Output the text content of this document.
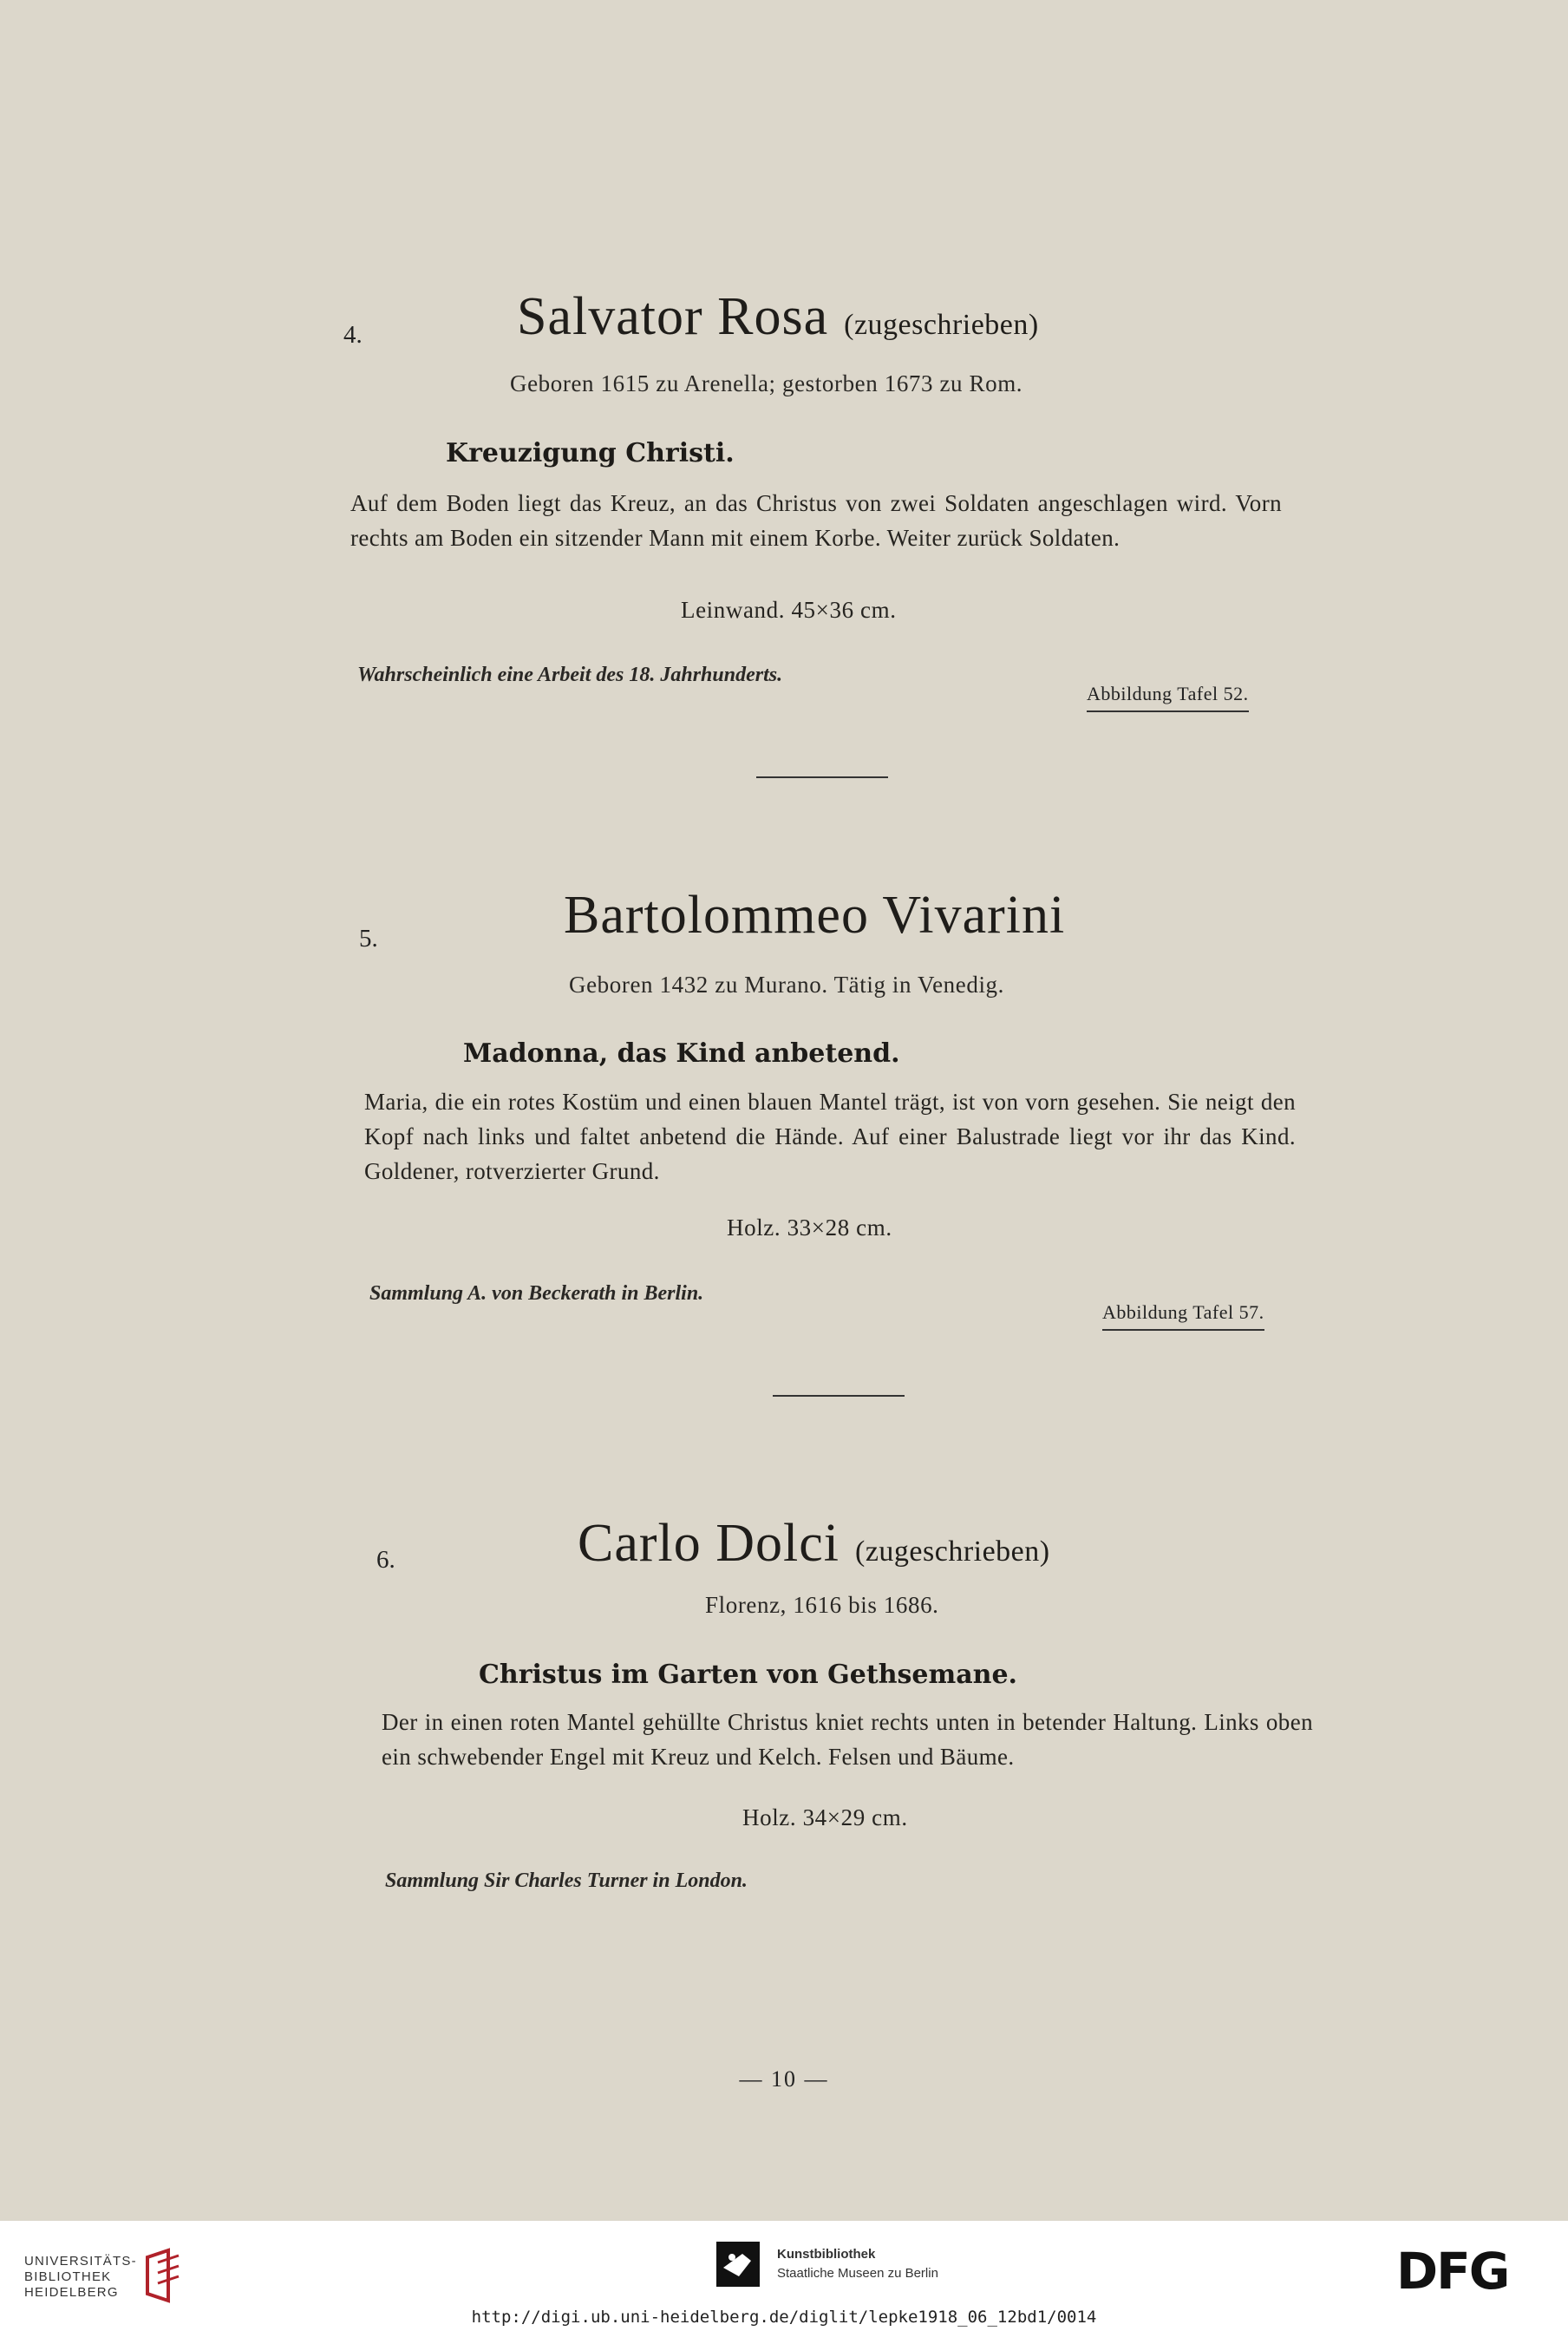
4.	Salvator Rosa (zugeschrieben)
Geboren 1615 zu Arenella; gestorben 1673 zu Rom.
Kreuzigung Christi.
Auf dem Boden liegt das Kreuz, an das Christus von zwei Soldaten angeschlagen wird. Vorn rechts am Boden ein sitzender Mann mit einem Korbe. Weiter zurück Soldaten.
Leinwand. 45×36 cm.
Wahrscheinlich eine Arbeit des 18. Jahrhunderts.
Abbildung Tafel 52.
5.	Bartolommeo Vivarini
Geboren 1432 zu Murano. Tätig in Venedig.
Madonna, das Kind anbetend.
Maria, die ein rotes Kostüm und einen blauen Mantel trägt, ist von vorn gesehen. Sie neigt den Kopf nach links und faltet anbetend die Hände. Auf einer Balustrade liegt vor ihr das Kind. Goldener, rotverzierter Grund.
Holz. 33×28 cm.
Sammlung A. von Beckerath in Berlin.
Abbildung Tafel 57.
6.	Carlo Dolci (zugeschrieben)
Florenz, 1616 bis 1686.
Christus im Garten von Gethsemane.
Der in einen roten Mantel gehüllte Christus kniet rechts unten in betender Haltung. Links oben ein schwebender Engel mit Kreuz und Kelch. Felsen und Bäume.
Holz. 34×29 cm.
Sammlung Sir Charles Turner in London.
— 10 —
UNIVERSITÄTS-
BIBLIOTHEK
HEIDELBERG
Kunstbibliothek
Staatliche Museen zu Berlin	DFG
http://digi.ub.uni-heidelberg.de/diglit/lepke1918_06_12bd1/0014
